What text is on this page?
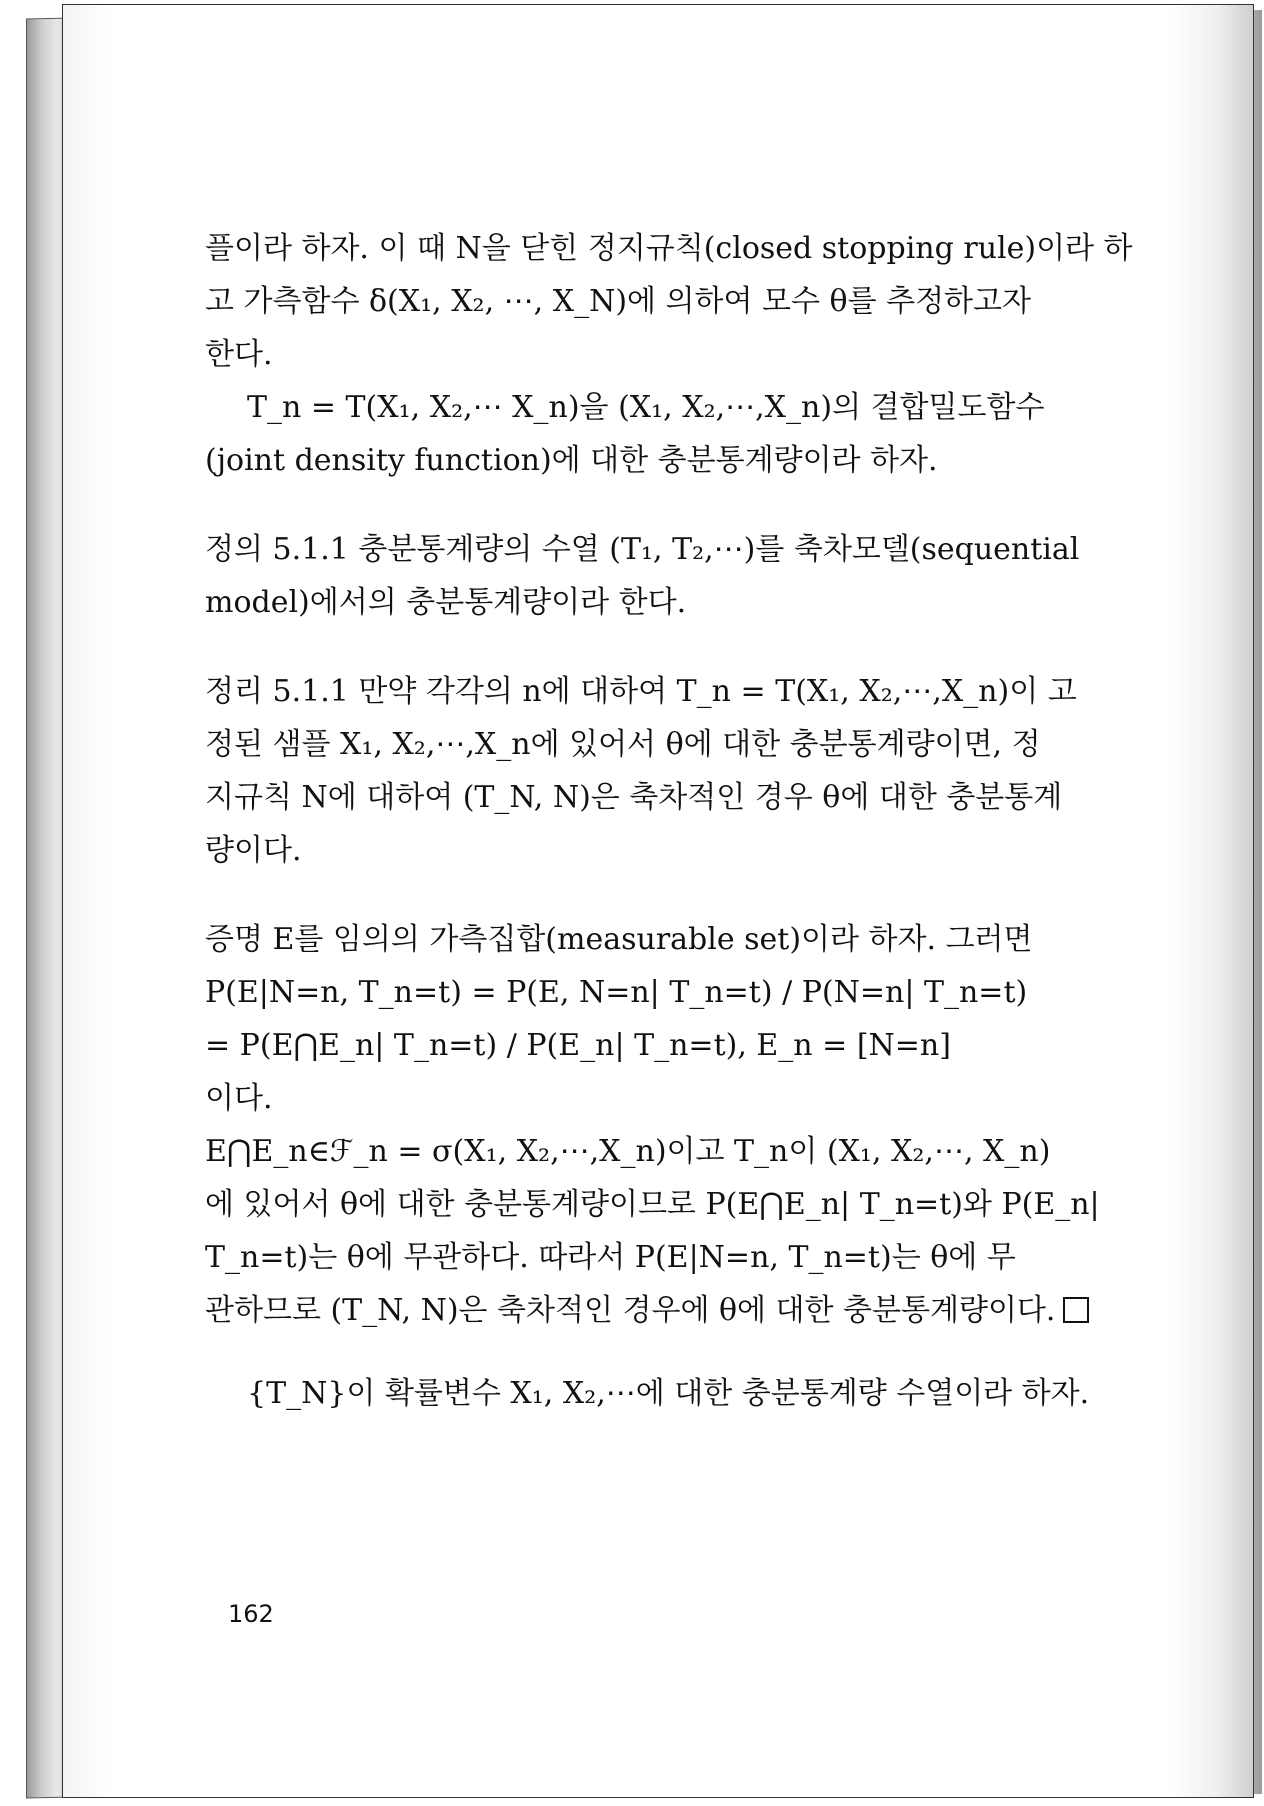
플이라 하자. 이 때 N을 닫힌 정지규칙(closed stopping rule)이라 하
고 가측함수 δ(X₁, X₂, ⋯, X_N)에 의하여 모수 θ를 추정하고자
한다.
T_n = T(X₁, X₂,⋯ X_n)을 (X₁, X₂,⋯,X_n)의 결합밀도함수
(joint density function)에 대한 충분통계량이라 하자.
정의 5.1.1 충분통계량의 수열 (T₁, T₂,⋯)를 축차모델(sequential
model)에서의 충분통계량이라 한다.
정리 5.1.1 만약 각각의 n에 대하여 T_n = T(X₁, X₂,⋯,X_n)이 고
정된 샘플 X₁, X₂,⋯,X_n에 있어서 θ에 대한 충분통계량이면, 정
지규칙 N에 대하여 (T_N, N)은 축차적인 경우 θ에 대한 충분통계
량이다.
증명 E를 임의의 가측집합(measurable set)이라 하자. 그러면
P(E|N=n, T_n=t) = P(E, N=n| T_n=t) / P(N=n| T_n=t)
= P(E⋂E_n| T_n=t) / P(E_n| T_n=t), E_n = [N=n]
이다.
E⋂E_n∈ℱ_n = σ(X₁, X₂,⋯,X_n)이고 T_n이 (X₁, X₂,⋯, X_n)
에 있어서 θ에 대한 충분통계량이므로 P(E⋂E_n| T_n=t)와 P(E_n|
T_n=t)는 θ에 무관하다. 따라서 P(E|N=n, T_n=t)는 θ에 무
관하므로 (T_N, N)은 축차적인 경우에 θ에 대한 충분통계량이다.
{T_N}이 확률변수 X₁, X₂,⋯에 대한 충분통계량 수열이라 하자.
162
